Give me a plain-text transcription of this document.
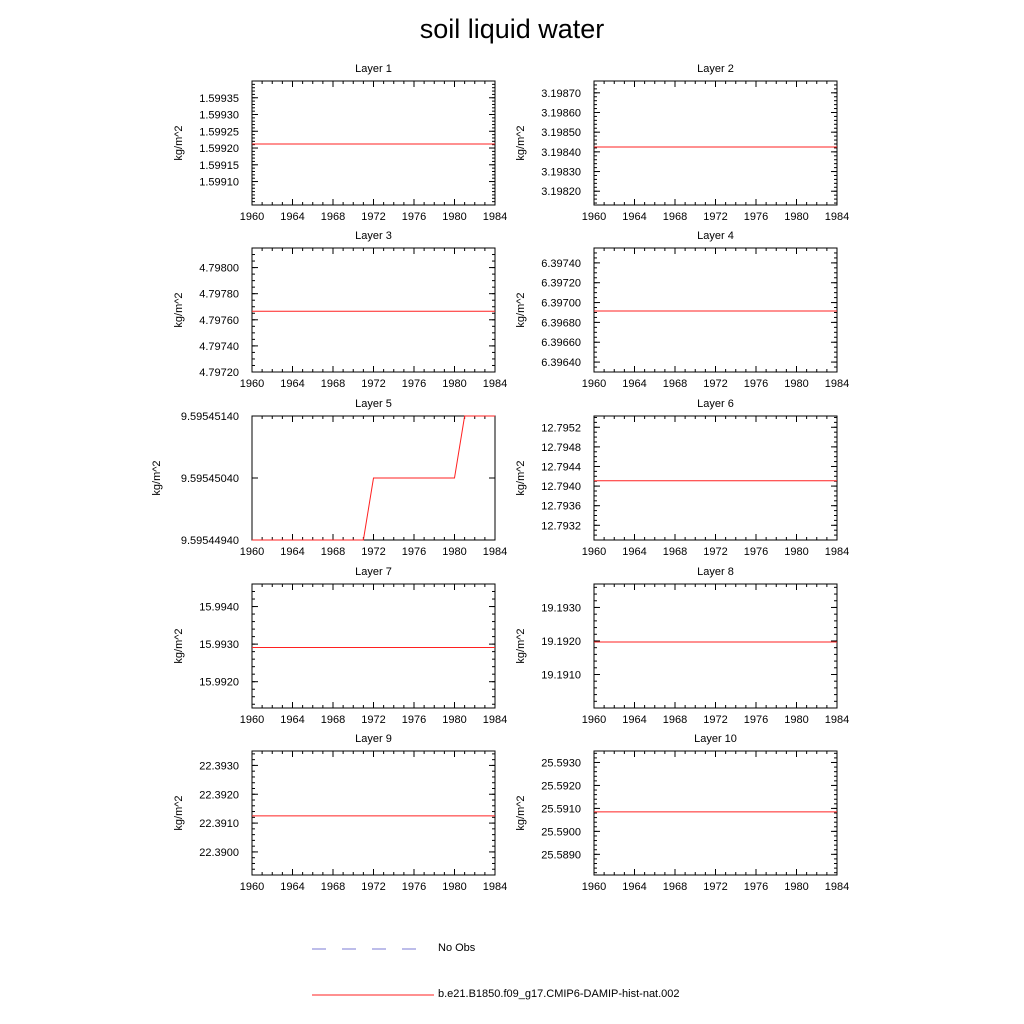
soil liquid water
Layer 1
1960 1964 1968 1972 1976 1980 1984
1.59935
1.59930
1.59925
1.59920
1.59915
1.59910
kg/m^2
Layer 2
1960 1964 1968 1972 1976 1980 1984
3.19870
3.19860
3.19850
3.19840
3.19830
3.19820
kg/m^2
Layer 3
1960 1964 1968 1972 1976 1980 1984
4.79800
4.79780
4.79760
4.79740
4.79720
kg/m^2
Layer 4
1960 1964 1968 1972 1976 1980 1984
6.39740
6.39720
6.39700
6.39680
6.39660
6.39640
kg/m^2
Layer 5
1960 1964 1968 1972 1976 1980 1984
9.59545140
9.59545040
9.59544940
kg/m^2
Layer 6
1960 1964 1968 1972 1976 1980 1984
12.7952
12.7948
12.7944
12.7940
12.7936
12.7932
kg/m^2
Layer 7
1960 1964 1968 1972 1976 1980 1984
15.9940
15.9930
15.9920
kg/m^2
Layer 8
1960 1964 1968 1972 1976 1980 1984
19.1930
19.1920
19.1910
kg/m^2
Layer 9
1960 1964 1968 1972 1976 1980 1984
22.3930
22.3920
22.3910
22.3900
kg/m^2
Layer 10
1960 1964 1968 1972 1976 1980 1984
25.5930
25.5920
25.5910
25.5900
25.5890
kg/m^2
No Obs
b.e21.B1850.f09_g17.CMIP6-DAMIP-hist-nat.002
